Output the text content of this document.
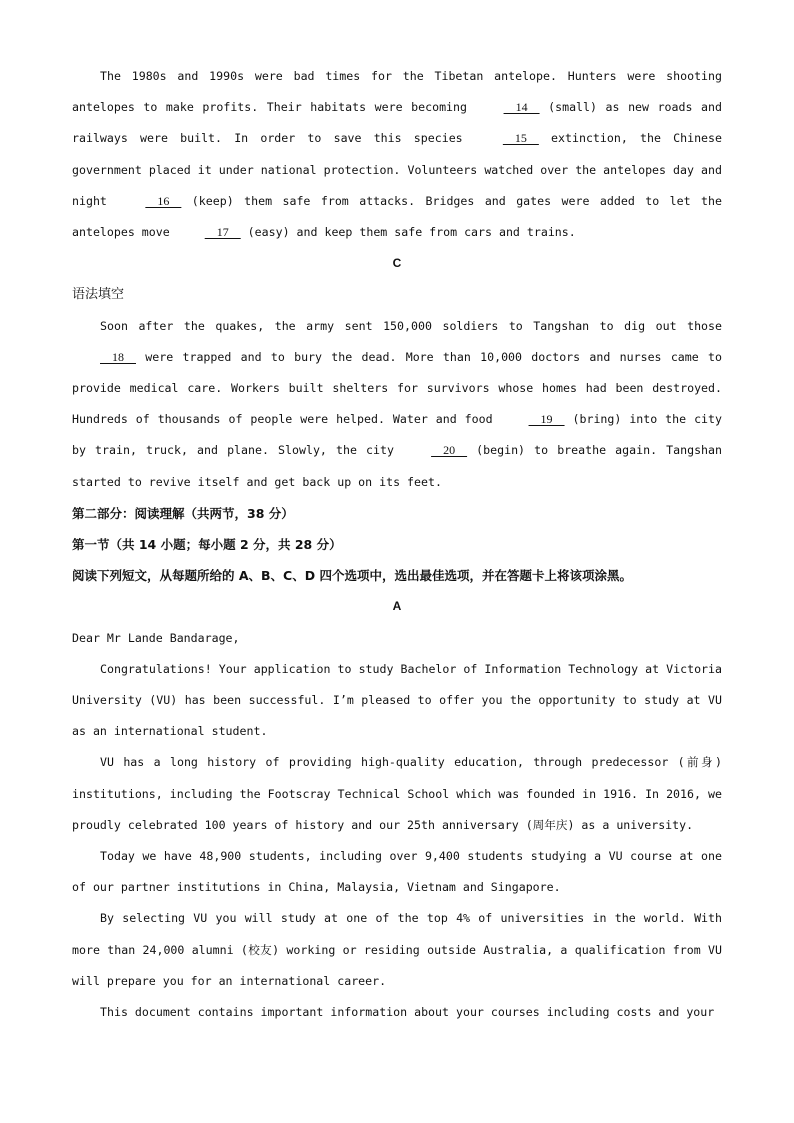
The 1980s and 1990s were bad times for the Tibetan antelope. Hunters were shooting antelopes to make profits. Their habitats were becoming     14     (small) as new roads and railways were built. In order to save this species     15     extinction, the Chinese government placed it under national protection. Volunteers watched over the antelopes day and night     16     (keep) them safe from attacks. Bridges and gates were added to let the antelopes move     17     (easy) and keep them safe from cars and trains.

C

语法填空

Soon after the quakes, the army sent 150,000 soldiers to Tangshan to dig out those     18     were trapped and to bury the dead. More than 10,000 doctors and nurses came to provide medical care. Workers built shelters for survivors whose homes had been destroyed. Hundreds of thousands of people were helped. Water and food     19     (bring) into the city by train, truck, and plane. Slowly, the city     20     (begin) to breathe again. Tangshan started to revive itself and get back up on its feet.

第二部分：阅读理解（共两节，38 分）

第一节（共 14 小题；每小题 2 分，共 28 分）

阅读下列短文，从每题所给的 A、B、C、D 四个选项中，选出最佳选项，并在答题卡上将该项涂黑。

A

Dear Mr Lande Bandarage,

Congratulations! Your application to study Bachelor of Information Technology at Victoria University (VU) has been successful. I’m pleased to offer you the opportunity to study at VU as an international student.

VU has a long history of providing high-quality education, through predecessor (前身) institutions, including the Footscray Technical School which was founded in 1916. In 2016, we proudly celebrated 100 years of history and our 25th anniversary (周年庆) as a university.

Today we have 48,900 students, including over 9,400 students studying a VU course at one of our partner institutions in China, Malaysia, Vietnam and Singapore.

By selecting VU you will study at one of the top 4% of universities in the world. With more than 24,000 alumni (校友) working or residing outside Australia, a qualification from VU will prepare you for an international career.

This document contains important information about your courses including costs and your
